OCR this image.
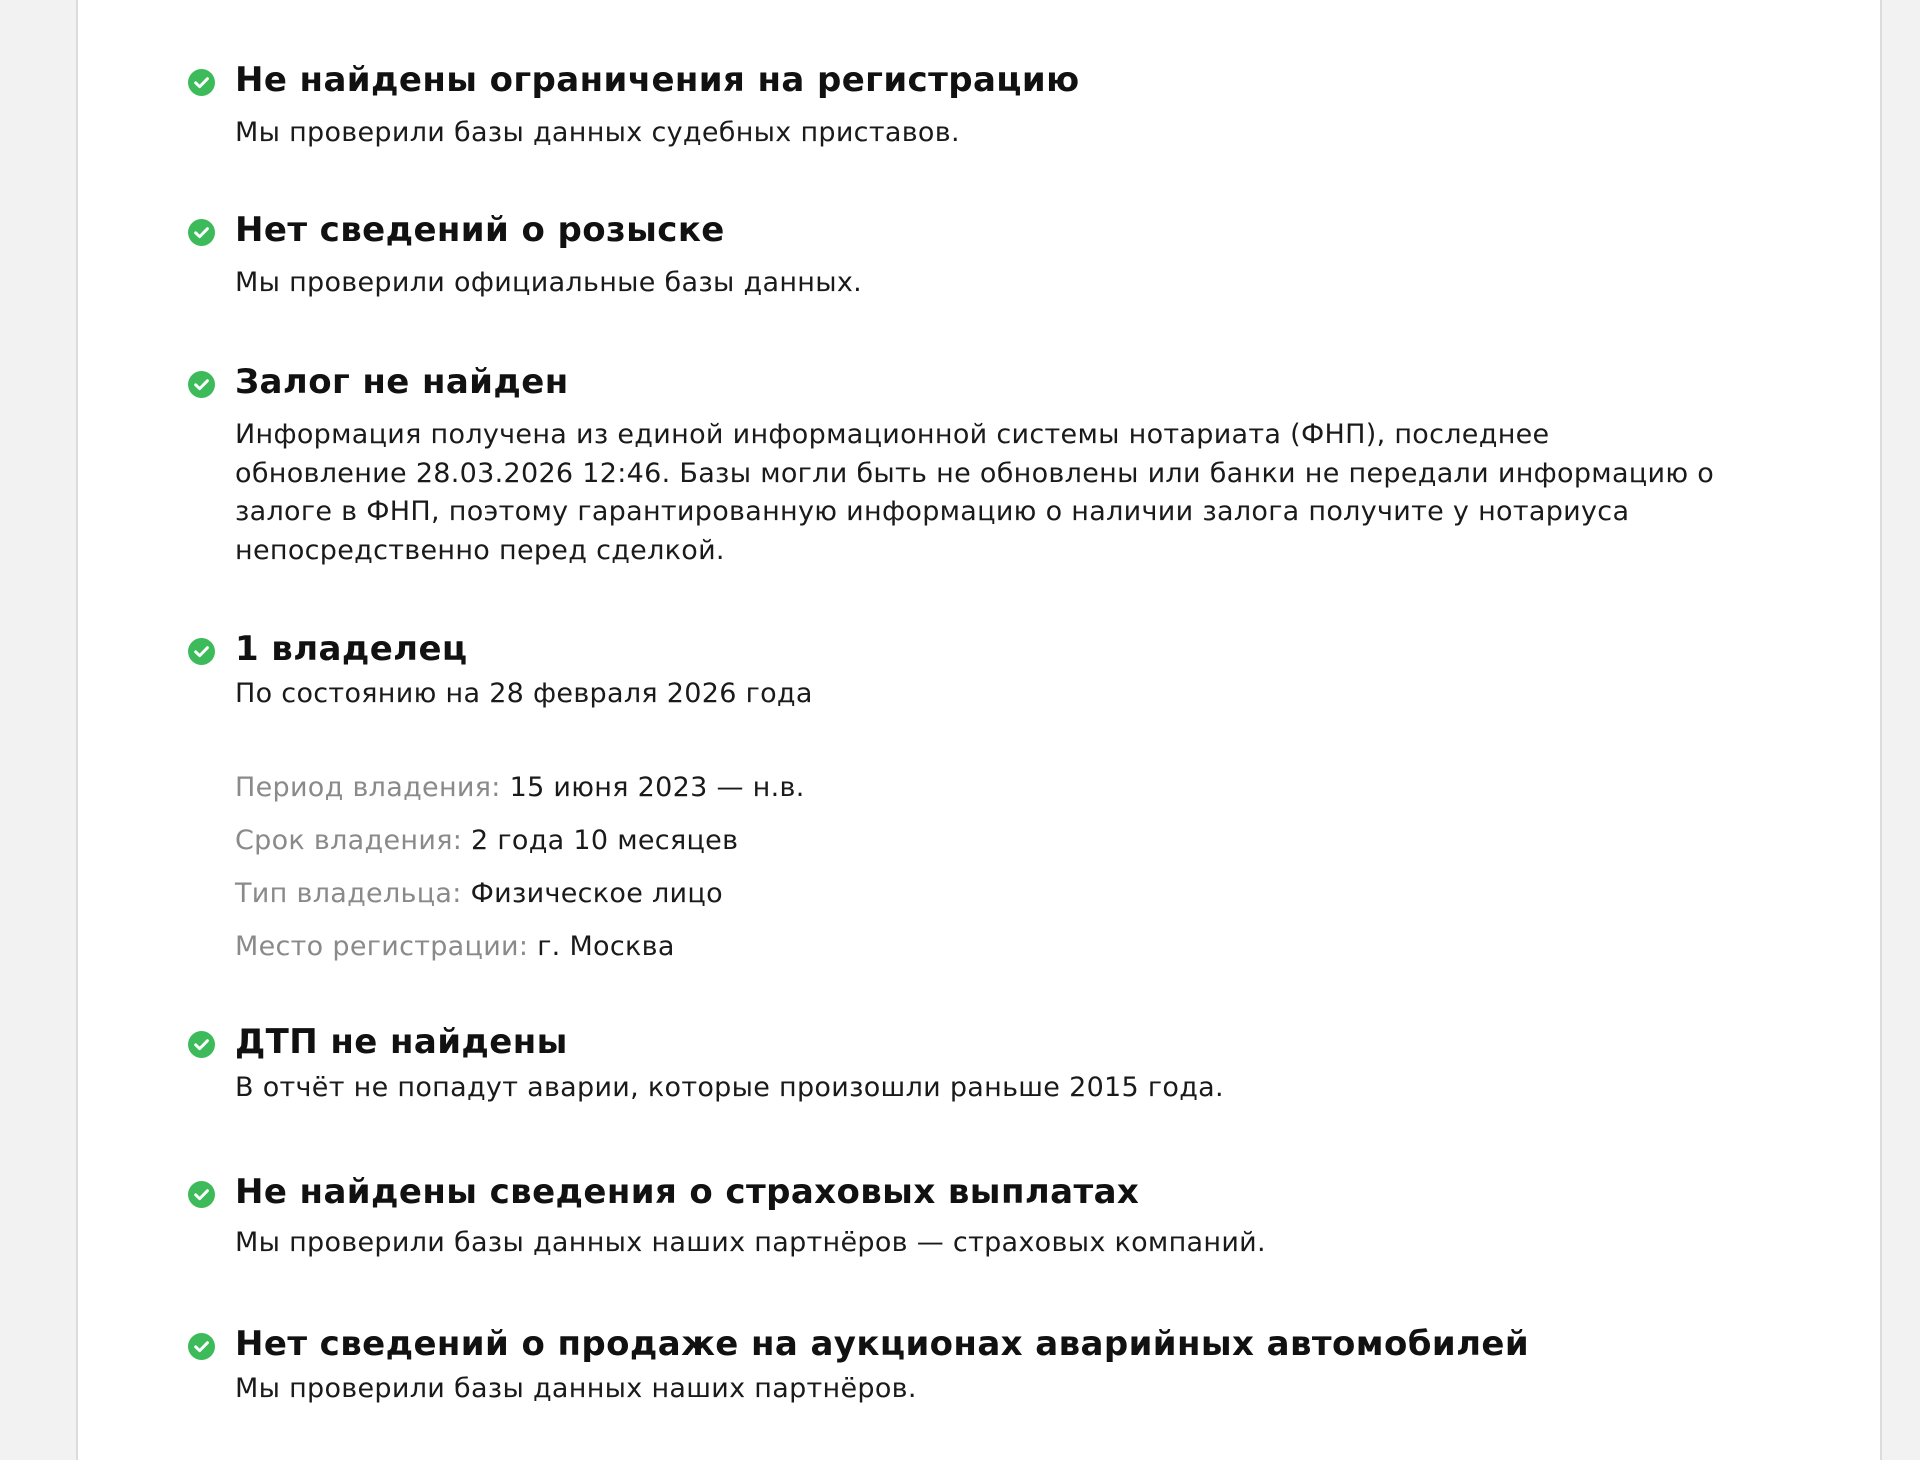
Не найдены ограничения на регистрацию
Мы проверили базы данных судебных приставов.
Нет сведений о розыске
Мы проверили официальные базы данных.
Залог не найден
Информация получена из единой информационной системы нотариата (ФНП), последнее
обновление 28.03.2026 12:46. Базы могли быть не обновлены или банки не передали информацию о
залоге в ФНП, поэтому гарантированную информацию о наличии залога получите у нотариуса
непосредственно перед сделкой.
1 владелец
По состоянию на 28 февраля 2026 года
Период владения: 15 июня 2023 — н.в.
Срок владения: 2 года 10 месяцев
Тип владельца: Физическое лицо
Место регистрации: г. Москва
ДТП не найдены
В отчёт не попадут аварии, которые произошли раньше 2015 года.
Не найдены сведения о страховых выплатах
Мы проверили базы данных наших партнёров — страховых компаний.
Нет сведений о продаже на аукционах аварийных автомобилей
Мы проверили базы данных наших партнёров.
